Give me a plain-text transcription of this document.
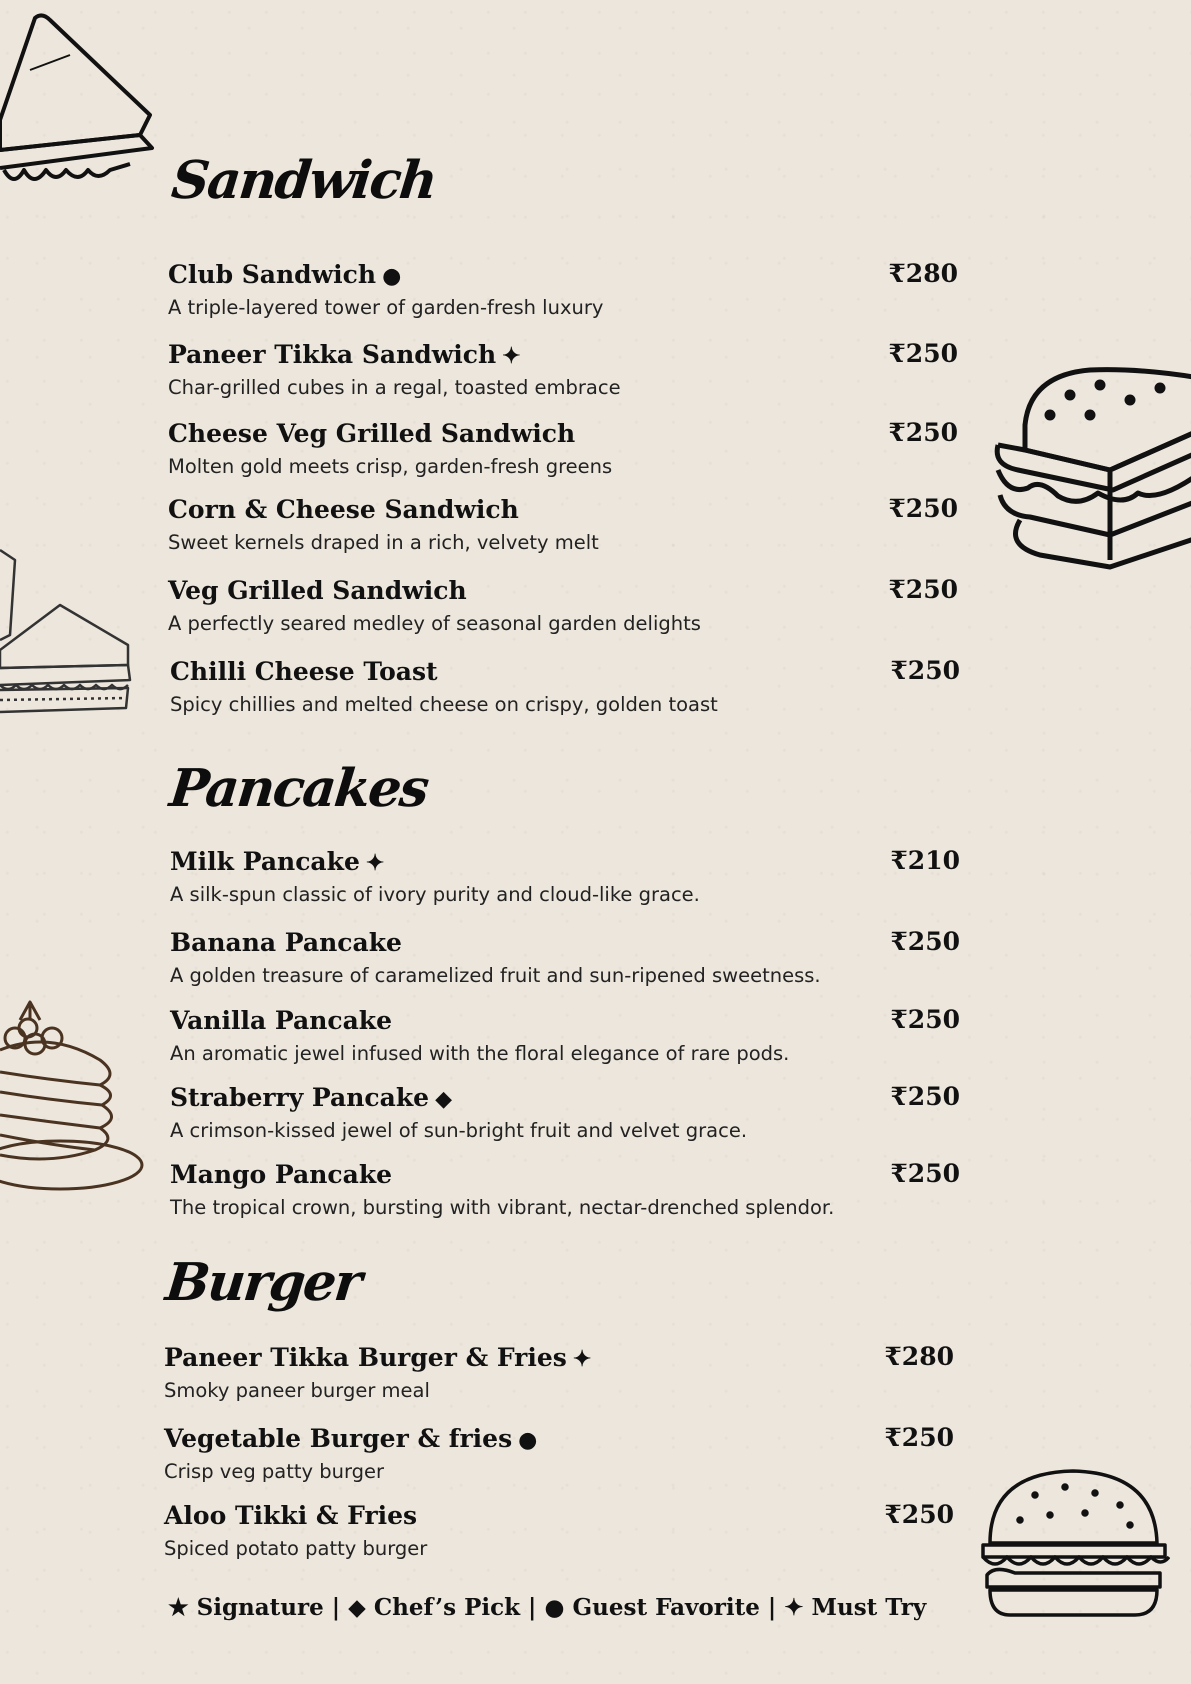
Sandwich
Club Sandwich ●
A triple-layered tower of garden-fresh luxury
₹280
Paneer Tikka Sandwich ✦
Char-grilled cubes in a regal, toasted embrace
₹250
Cheese Veg Grilled Sandwich
Molten gold meets crisp, garden-fresh greens
₹250
Corn & Cheese Sandwich
Sweet kernels draped in a rich, velvety melt
₹250
Veg Grilled Sandwich
A perfectly seared medley of seasonal garden delights
₹250
Chilli Cheese Toast
Spicy chillies and melted cheese on crispy, golden toast
₹250
Pancakes
Milk Pancake ✦
A silk-spun classic of ivory purity and cloud-like grace.
₹210
Banana Pancake
A golden treasure of caramelized fruit and sun-ripened sweetness.
₹250
Vanilla Pancake
An aromatic jewel infused with the floral elegance of rare pods.
₹250
Straberry Pancake ◆
A crimson-kissed jewel of sun-bright fruit and velvet grace.
₹250
Mango Pancake
The tropical crown, bursting with vibrant, nectar-drenched splendor.
₹250
Burger
Paneer Tikka Burger & Fries ✦
Smoky paneer burger meal
₹280
Vegetable Burger & fries ●
Crisp veg patty burger
₹250
Aloo Tikki & Fries
Spiced potato patty burger
₹250
★ Signature | ◆ Chef’s Pick | ● Guest Favorite | ✦ Must Try
